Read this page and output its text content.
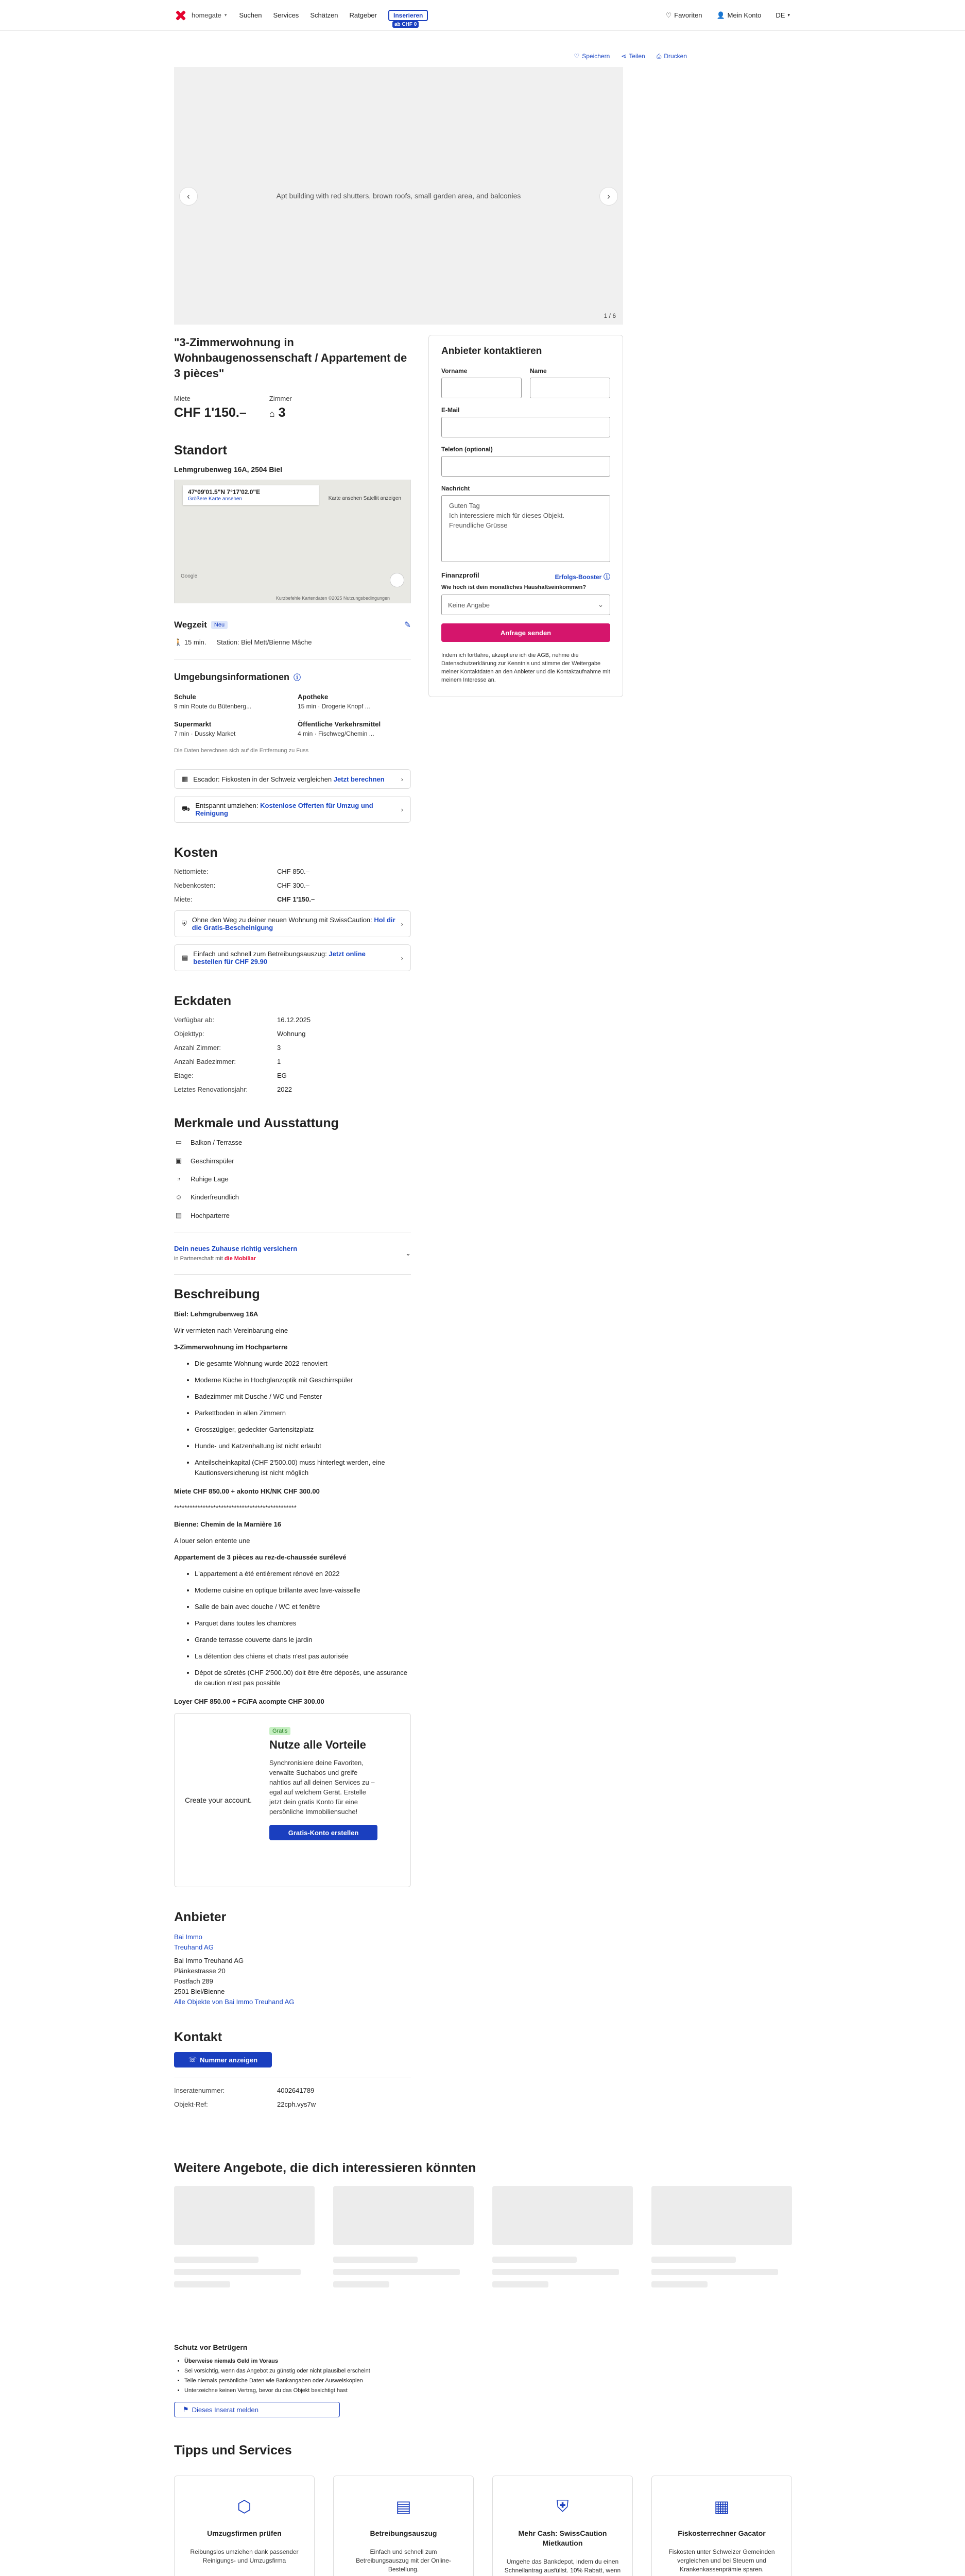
homegate ▾ Suchen Services Schätzen Ratgeber	Inserieren
ab CHF 0
♡ Favoriten 👤 Mein Konto DE ▾
♡ Speichern ⋖ Teilen ⎙ Drucken
Apt building with red shutters, brown roofs, small garden area, and balconies
‹	›
1 / 6
"3-Zimmerwohnung in Wohnbaugenossenschaft / Appartement de 3 pièces"
Miete
CHF 1'150.–
Zimmer
⌂ 3
Standort
Lehmgrubenweg 16A, 2504 Biel
47°09'01.5"N 7°17'02.0"E
Größere Karte ansehen	Karte ansehen Satellit anzeigen
Google
Kurzbefehle Kartendaten ©2025 Nutzungsbedingungen
Wegzeit	Neu	✎
🚶 15 min. Station: Biel Mett/Bienne Mâche
Umgebungsinformationen ⓘ
Schule
9 min Route du Bütenberg...
Apotheke
15 min · Drogerie Knopf ...
Supermarkt
7 min · Dussky Market
Öffentliche Verkehrsmittel
4 min · Fischweg/Chemin ...
Die Daten berechnen sich auf die Entfernung zu Fuss
▦ Escador: Fiskosten in der Schweiz vergleichen Jetzt berechnen	›
⛟ Entspannt umziehen: Kostenlose Offerten für Umzug und Reinigung	›
Kosten
Nettomiete:	CHF 850.–
Nebenkosten:	CHF 300.–
Miete:	CHF 1'150.–
⛨ Ohne den Weg zu deiner neuen Wohnung mit SwissCaution: Hol dir die Gratis-Bescheinigung	›
▤ Einfach und schnell zum Betreibungsauszug: Jetzt online bestellen für CHF 29.90	›
Eckdaten
Verfügbar ab:	16.12.2025
Objekttyp:	Wohnung
Anzahl Zimmer:	3
Anzahl Badezimmer:	1
Etage:	EG
Letztes Renovationsjahr:	2022
Merkmale und Ausstattung
▭ Balkon / Terrasse
▣ Geschirrspüler
◔	Ruhige Lage
☺ Kinderfreundlich
▤ Hochparterre
Dein neues Zuhause richtig versichern
in Partnerschaft mit die Mobiliar
⌄
Beschreibung

Biel: Lehmgrubenweg 16A

Wir vermieten nach Vereinbarung eine

3-Zimmerwohnung im Hochparterre

• Die gesamte Wohnung wurde 2022 renoviert
• Moderne Küche in Hochglanzoptik mit Geschirrspüler
• Badezimmer mit Dusche / WC und Fenster
• Parkettboden in allen Zimmern
• Grosszügiger, gedeckter Gartensitzplatz
• Hunde- und Katzenhaltung ist nicht erlaubt
• Anteilscheinkapital (CHF 2'500.00) muss hinterlegt werden, eine Kautionsversicherung ist nicht möglich

Miete CHF 850.00 + akonto HK/NK CHF 300.00

***********************************************

Bienne: Chemin de la Marnière 16

A louer selon entente une

Appartement de 3 pièces au rez-de-chaussée surélevé

• L'appartement a été entièrement rénové en 2022
• Moderne cuisine en optique brillante avec lave-vaisselle
• Salle de bain avec douche / WC et fenêtre
• Parquet dans toutes les chambres
• Grande terrasse couverte dans le jardin
• La détention des chiens et chats n'est pas autorisée
• Dépot de sûretés (CHF 2'500.00) doit être être déposés, une assurance de caution n'est pas possible

Loyer CHF 850.00 + FC/FA acompte CHF 300.00

Create your account.
Gratis
Nutze alle Vorteile
Synchronisiere deine Favoriten, verwalte Suchabos und greife nahtlos auf all deinen Services zu – egal auf welchem Gerät. Erstelle jetzt dein gratis Konto für eine persönliche Immobiliensuche!
Gratis-Konto erstellen
Anbieter
Bai Immo
Treuhand AG
Bai Immo Treuhand AG
Plänkestrasse 20
Postfach 289
2501 Biel/Bienne
Alle Objekte von Bai Immo Treuhand AG
Kontakt
☏ Nummer anzeigen
Inseratenummer:	4002641789
Objekt-Ref:	22cph.vys7w
Anbieter kontaktieren
Vorname	Name
E-Mail
Telefon (optional)
Nachricht
Guten Tag
Ich interessiere mich für dieses Objekt.
Freundliche Grüsse
Finanzprofil	Erfolgs-Booster ⓘ
Wie hoch ist dein monatliches Haushaltseinkommen?
Keine Angabe	⌄
Anfrage senden
Indem ich fortfahre, akzeptiere ich die AGB, nehme die Datenschutzerklärung zur Kenntnis und stimme der Weitergabe meiner Kontaktdaten an den Anbieter und die Kontaktaufnahme mit meinem Interesse an.
Weitere Angebote, die dich interessieren könnten
Schutz vor Betrügern
• Überweise niemals Geld im Voraus
• Sei vorsichtig, wenn das Angebot zu günstig oder nicht plausibel erscheint
• Teile niemals persönliche Daten wie Bankangaben oder Ausweiskopien
• Unterzeichne keinen Vertrag, bevor du das Objekt besichtigt hast
⚑ Dieses Inserat melden
Tipps und Services
⬡
Umzugsfirmen prüfen

Reibungslos umziehen dank passender Reinigungs- und Umzugsfirma

▤
Betreibungsauszug

Einfach und schnell zum Betreibungsauszug mit der Online-Bestellung.

⛨
Mehr Cash: SwissCaution Mietkaution

Umgehe das Bankdepot, indem du einen Schnellantrag ausfüllst. 10% Rabatt, wenn

▦
Fiskosterrechner Gacator

Fiskosten unter Schweizer Gemeinden vergleichen und bei Steuern und Krankenkassenprämie sparen.
